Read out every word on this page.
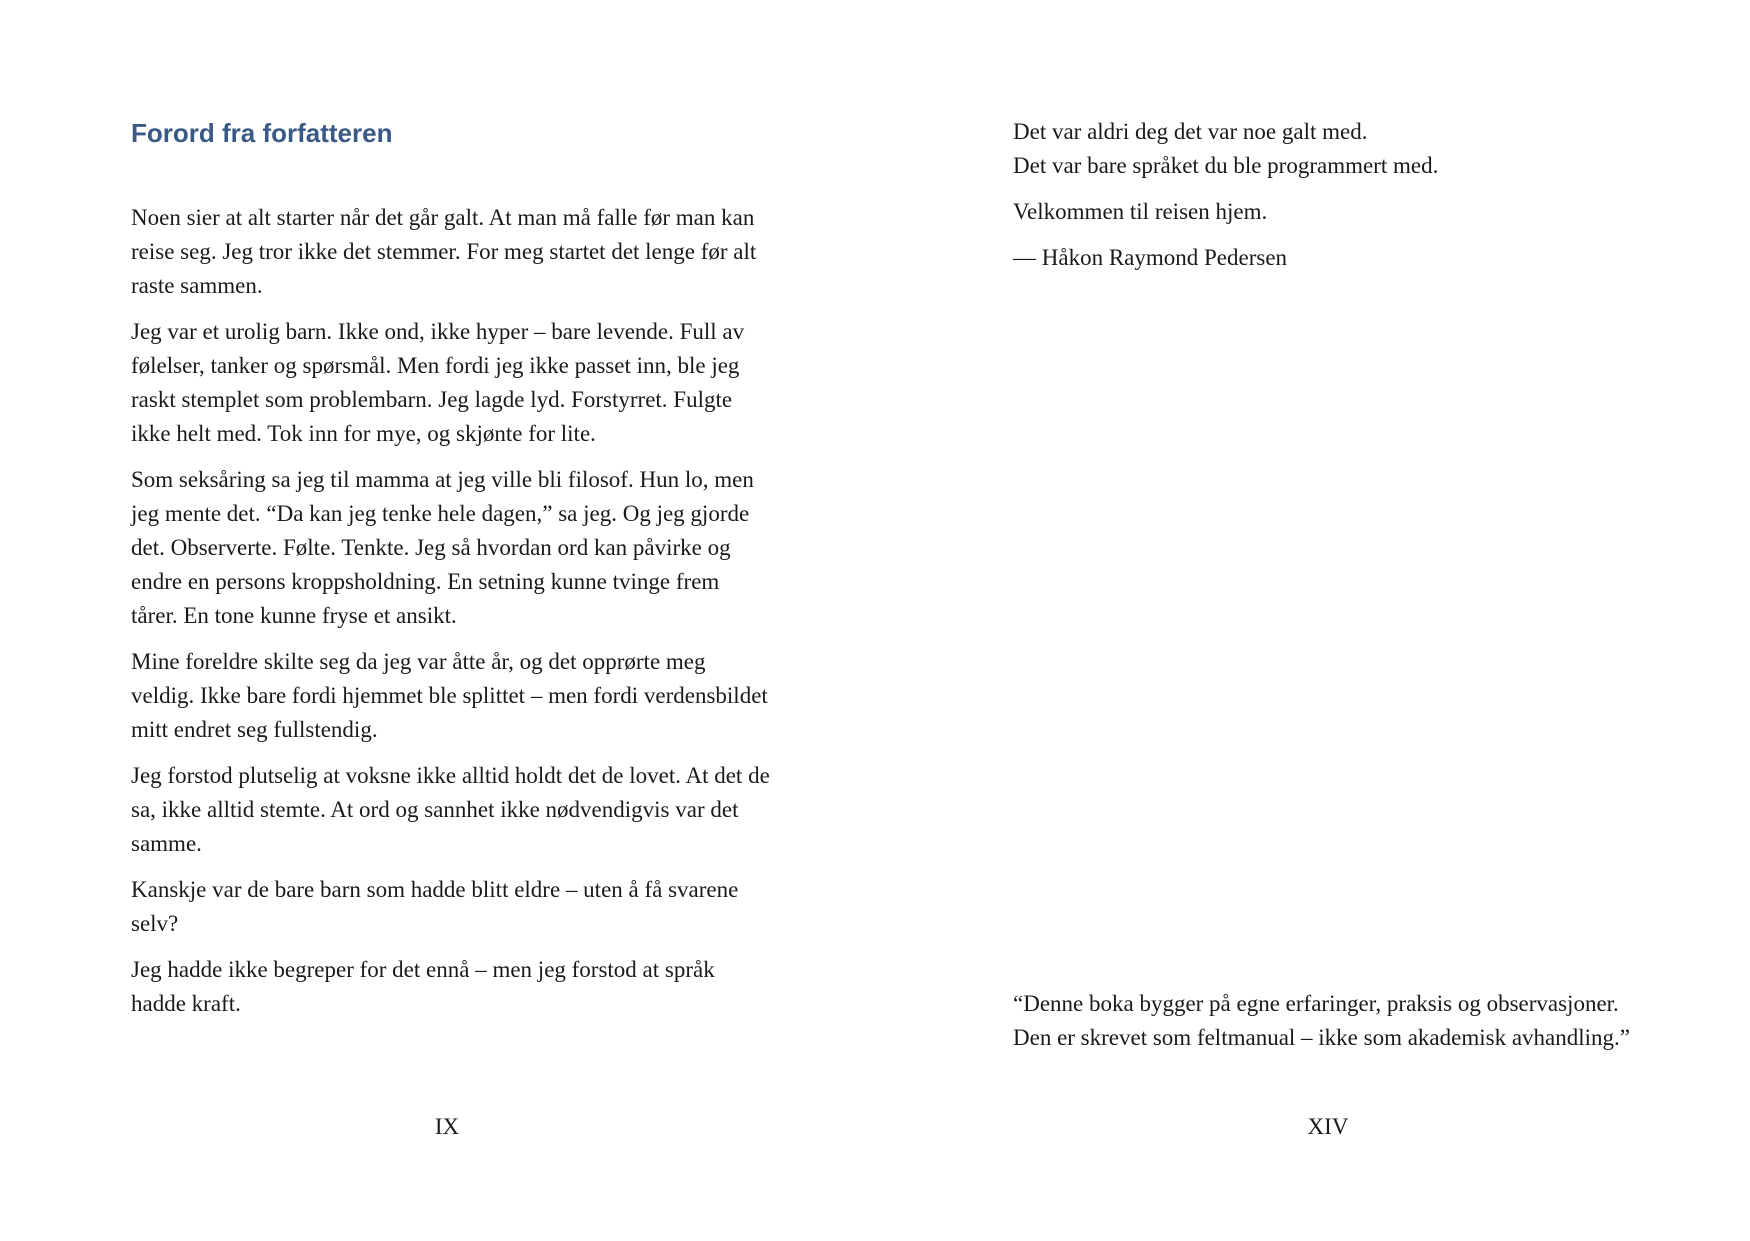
Forord fra forfatteren

Noen sier at alt starter når det går galt. At man må falle før man kan reise seg. Jeg tror ikke det stemmer. For meg startet det lenge før alt raste sammen.

Jeg var et urolig barn. Ikke ond, ikke hyper – bare levende. Full av følelser, tanker og spørsmål. Men fordi jeg ikke passet inn, ble jeg raskt stemplet som problembarn. Jeg lagde lyd. Forstyrret. Fulgte ikke helt med. Tok inn for mye, og skjønte for lite.

Som seksåring sa jeg til mamma at jeg ville bli filosof. Hun lo, men jeg mente det. “Da kan jeg tenke hele dagen,” sa jeg. Og jeg gjorde det. Observerte. Følte. Tenkte. Jeg så hvordan ord kan påvirke og endre en persons kroppsholdning. En setning kunne tvinge frem tårer. En tone kunne fryse et ansikt.

Mine foreldre skilte seg da jeg var åtte år, og det opprørte meg veldig. Ikke bare fordi hjemmet ble splittet – men fordi verdensbildet mitt endret seg fullstendig.

Jeg forstod plutselig at voksne ikke alltid holdt det de lovet. At det de sa, ikke alltid stemte. At ord og sannhet ikke nødvendigvis var det samme.

Kanskje var de bare barn som hadde blitt eldre – uten å få svarene selv?

Jeg hadde ikke begreper for det ennå – men jeg forstod at språk hadde kraft.

IX

Det var aldri deg det var noe galt med.
Det var bare språket du ble programmert med.

Velkommen til reisen hjem.

— Håkon Raymond Pedersen

“Denne boka bygger på egne erfaringer, praksis og observasjoner. Den er skrevet som feltmanual – ikke som akademisk avhandling.”

XIV
